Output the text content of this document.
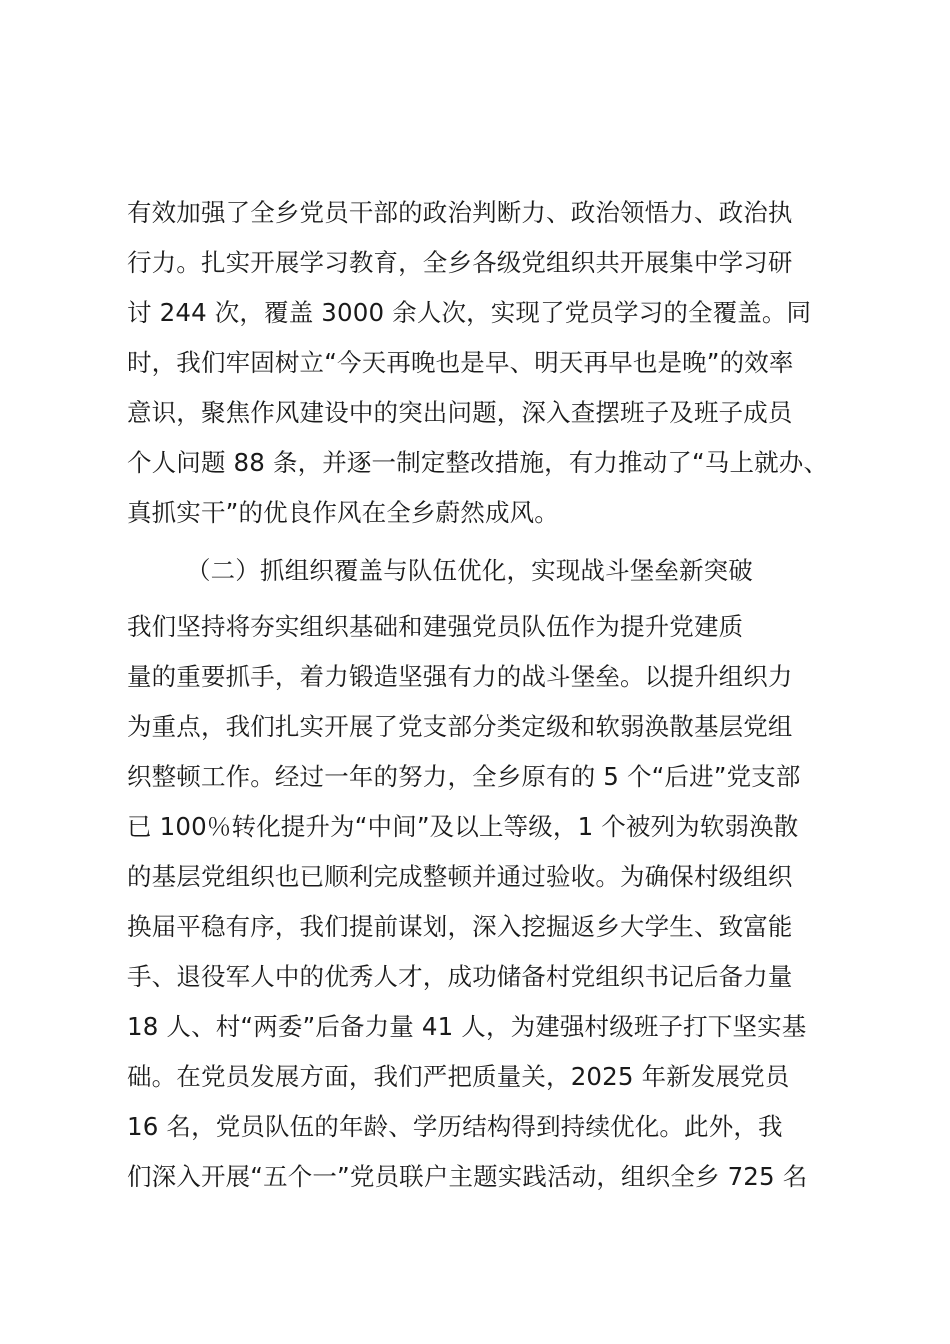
有效加强了全乡党员干部的政治判断力、政治领悟力、政治执
行力。扎实开展学习教育，全乡各级党组织共开展集中学习研
讨 244 次，覆盖 3000 余人次，实现了党员学习的全覆盖。同
时，我们牢固树立“今天再晚也是早、明天再早也是晚”的效率
意识，聚焦作风建设中的突出问题，深入查摆班子及班子成员
个人问题 88 条，并逐一制定整改措施，有力推动了“马上就办、
真抓实干”的优良作风在全乡蔚然成风。
（二）抓组织覆盖与队伍优化，实现战斗堡垒新突破
我们坚持将夯实组织基础和建强党员队伍作为提升党建质
量的重要抓手，着力锻造坚强有力的战斗堡垒。以提升组织力
为重点，我们扎实开展了党支部分类定级和软弱涣散基层党组
织整顿工作。经过一年的努力，全乡原有的 5 个“后进”党支部
已 100％转化提升为“中间”及以上等级，1 个被列为软弱涣散
的基层党组织也已顺利完成整顿并通过验收。为确保村级组织
换届平稳有序，我们提前谋划，深入挖掘返乡大学生、致富能
手、退役军人中的优秀人才，成功储备村党组织书记后备力量
18 人、村“两委”后备力量 41 人，为建强村级班子打下坚实基
础。在党员发展方面，我们严把质量关，2025 年新发展党员
16 名，党员队伍的年龄、学历结构得到持续优化。此外，我
们深入开展“五个一”党员联户主题实践活动，组织全乡 725 名
